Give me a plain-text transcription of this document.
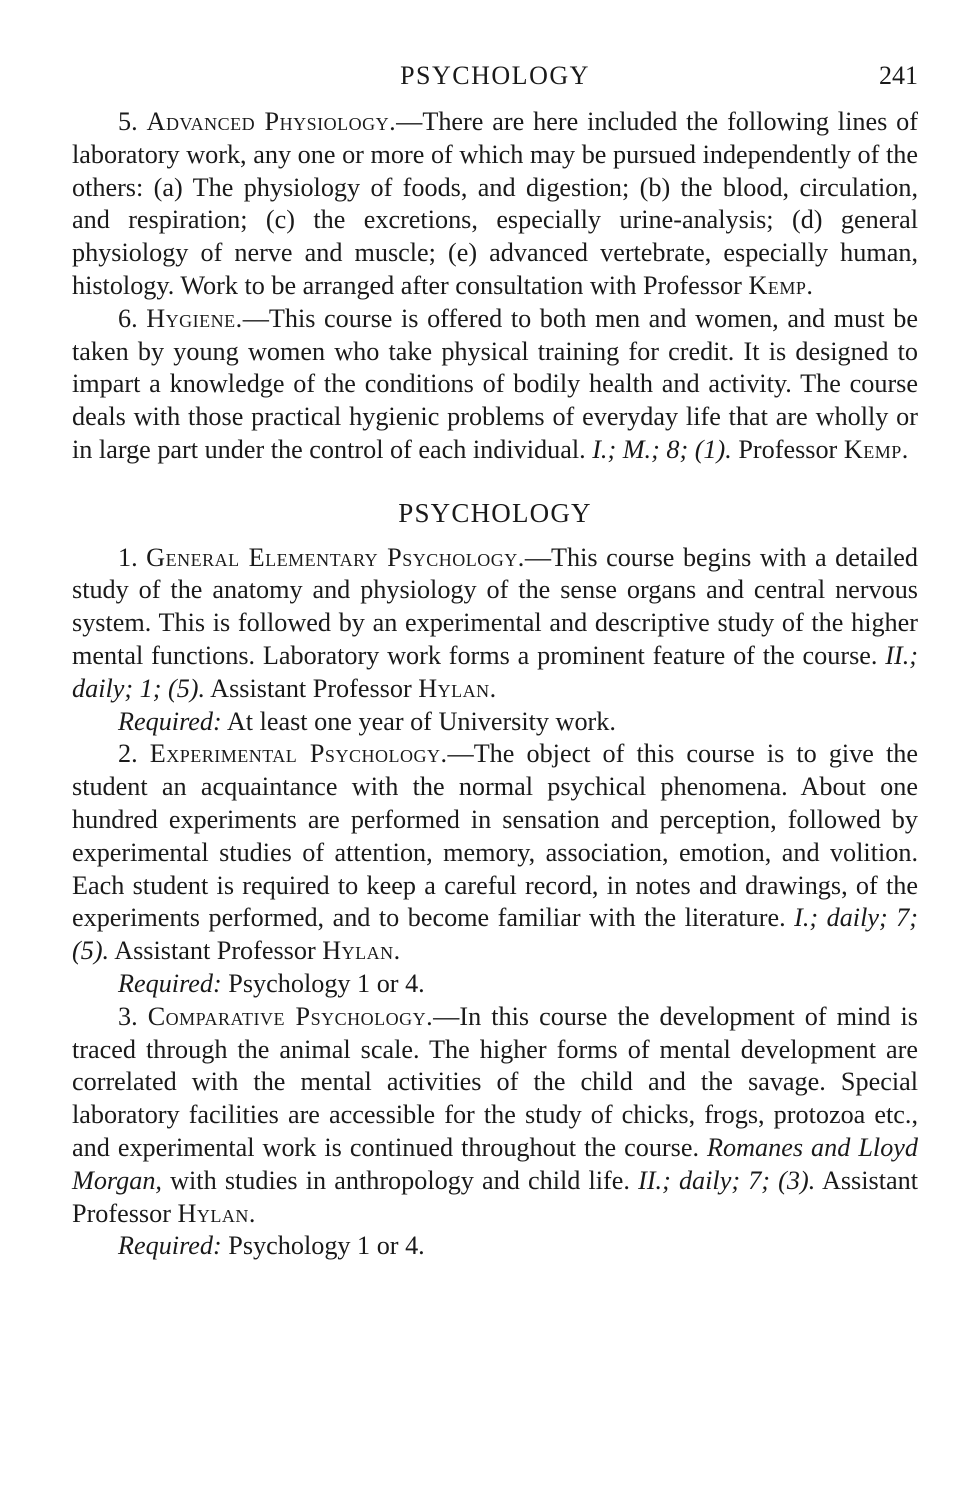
PSYCHOLOGY	241

5. Advanced Physiology.—There are here included the following lines of laboratory work, any one or more of which may be pursued independently of the others: (a) The physiology of foods, and digestion; (b) the blood, circulation, and respiration; (c) the excretions, especially urine-analysis; (d) general physiology of nerve and muscle; (e) advanced vertebrate, especially human, histology. Work to be arranged after consultation with Professor Kemp.

6. Hygiene.—This course is offered to both men and women, and must be taken by young women who take physical training for credit. It is designed to impart a knowledge of the conditions of bodily health and activity. The course deals with those practical hygienic problems of everyday life that are wholly or in large part under the control of each individual. I.; M.; 8; (1). Professor Kemp.

PSYCHOLOGY

1. General Elementary Psychology.—This course begins with a detailed study of the anatomy and physiology of the sense organs and central nervous system. This is followed by an experimental and descriptive study of the higher mental functions. Laboratory work forms a prominent feature of the course. II.; daily; 1; (5). Assistant Professor Hylan.

Required: At least one year of University work.

2. Experimental Psychology.—The object of this course is to give the student an acquaintance with the normal psychical phenomena. About one hundred experiments are performed in sensation and perception, followed by experimental studies of attention, memory, association, emotion, and volition. Each student is required to keep a careful record, in notes and drawings, of the experiments performed, and to become familiar with the literature. I.; daily; 7; (5). Assistant Professor Hylan.

Required: Psychology 1 or 4.

3. Comparative Psychology.—In this course the development of mind is traced through the animal scale. The higher forms of mental development are correlated with the mental activities of the child and the savage. Special laboratory facilities are accessible for the study of chicks, frogs, protozoa etc., and experimental work is continued throughout the course. Romanes and Lloyd Morgan, with studies in anthropology and child life. II.; daily; 7; (3). Assistant Professor Hylan.

Required: Psychology 1 or 4.
